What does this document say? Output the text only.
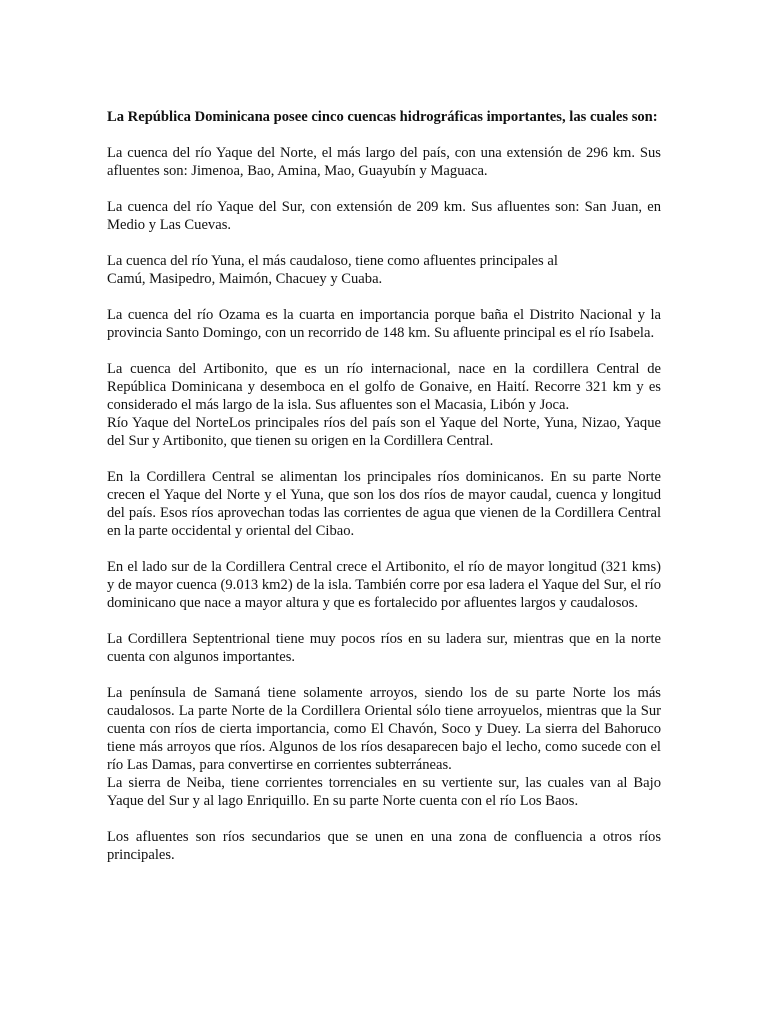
La República Dominicana posee cinco cuencas hidrográficas importantes, las cuales son:
La cuenca del río Yaque del Norte, el más largo del país, con una extensión de 296 km. Sus afluentes son: Jimenoa, Bao, Amina, Mao, Guayubín y Maguaca.
La cuenca del río Yaque del Sur, con extensión de 209 km. Sus afluentes son: San Juan, en Medio y Las Cuevas.
La cuenca del río Yuna, el más caudaloso, tiene como afluentes principales al
Camú, Masipedro, Maimón, Chacuey y Cuaba.
La cuenca del río Ozama es la cuarta en importancia porque baña el Distrito Nacional y la provincia Santo Domingo, con un recorrido de 148 km. Su afluente principal es el río Isabela.
La cuenca del Artibonito, que es un río internacional, nace en la cordillera Central de República Dominicana y desemboca en el golfo de Gonaive, en Haití. Recorre 321 km y es considerado el más largo de la isla. Sus afluentes son el Macasia, Libón y Joca.
Río Yaque del NorteLos principales ríos del país son el Yaque del Norte, Yuna, Nizao, Yaque del Sur y Artibonito, que tienen su origen en la Cordillera Central.
En la Cordillera Central se alimentan los principales ríos dominicanos. En su parte Norte crecen el Yaque del Norte y el Yuna, que son los dos ríos de mayor caudal, cuenca y longitud del país. Esos ríos aprovechan todas las corrientes de agua que vienen de la Cordillera Central en la parte occidental y oriental del Cibao.
En el lado sur de la Cordillera Central crece el Artibonito, el río de mayor longitud (321 kms) y de mayor cuenca (9.013 km2) de la isla. También corre por esa ladera el Yaque del Sur, el río dominicano que nace a mayor altura y que es fortalecido por afluentes largos y caudalosos.
La Cordillera Septentrional tiene muy pocos ríos en su ladera sur, mientras que en la norte cuenta con algunos importantes.
La península de Samaná tiene solamente arroyos, siendo los de su parte Norte los más caudalosos. La parte Norte de la Cordillera Oriental sólo tiene arroyuelos, mientras que la Sur cuenta con ríos de cierta importancia, como El Chavón, Soco y Duey. La sierra del Bahoruco tiene más arroyos que ríos. Algunos de los ríos desaparecen bajo el lecho, como sucede con el río Las Damas, para convertirse en corrientes subterráneas.
La sierra de Neiba, tiene corrientes torrenciales en su vertiente sur, las cuales van al Bajo Yaque del Sur y al lago Enriquillo. En su parte Norte cuenta con el río Los Baos.
Los afluentes son ríos secundarios que se unen en una zona de confluencia a otros ríos principales.
